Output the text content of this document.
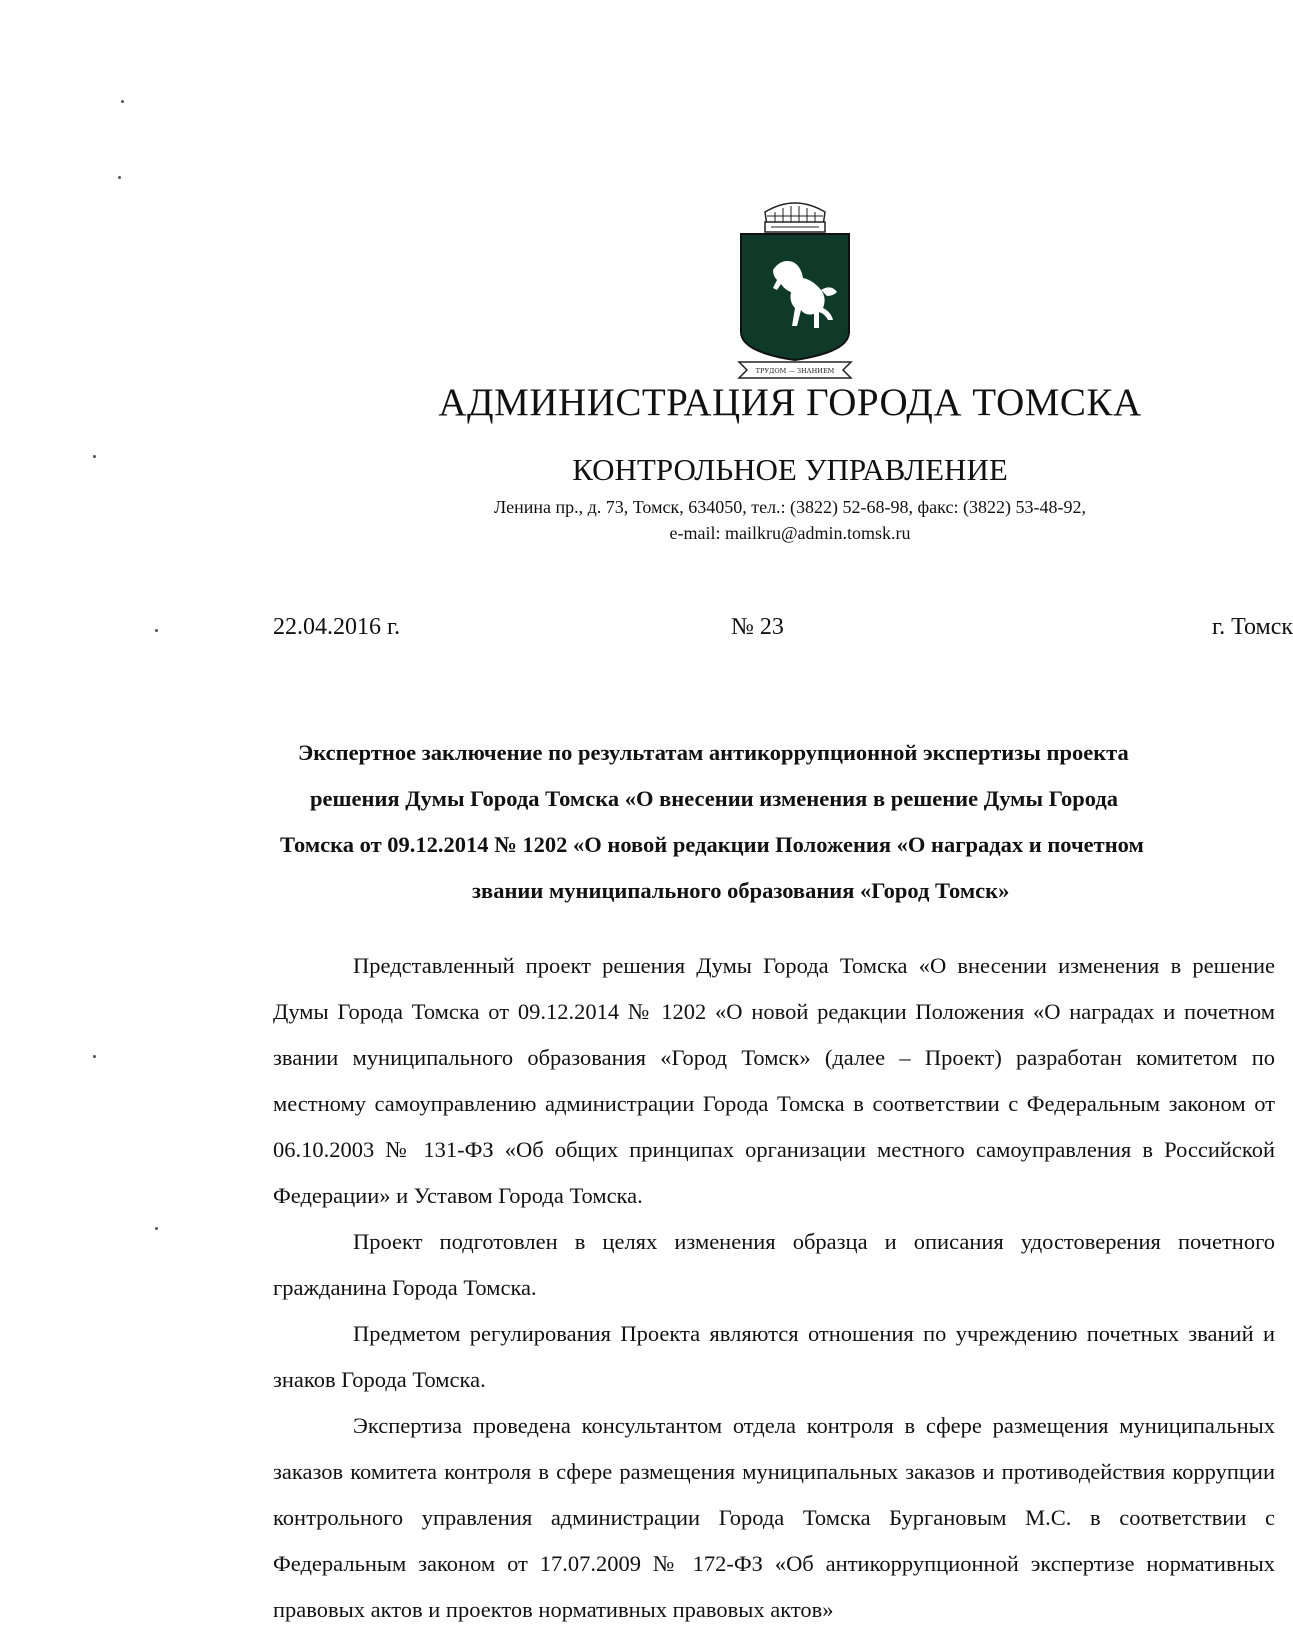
ТРУДОМ — ЗНАНИЕМ
АДМИНИСТРАЦИЯ ГОРОДА ТОМСКА
КОНТРОЛЬНОЕ УПРАВЛЕНИЕ
Ленина пр., д. 73, Томск, 634050, тел.: (3822) 52-68-98, факс: (3822) 53-48-92,
e-mail: mailkru@admin.tomsk.ru
22.04.2016 г.	№ 23	г. Томск
Экспертное заключение по результатам антикоррупционной экспертизы проекта
решения Думы Города Томска «О внесении изменения в решение Думы Города
Томска от 09.12.2014 № 1202 «О новой редакции Положения «О наградах и почетном
звании муниципального образования «Город Томск»

Представленный проект решения Думы Города Томска «О внесении изменения в решение Думы Города Томска от 09.12.2014 № 1202 «О новой редакции Положения «О наградах и почетном звании муниципального образования «Город Томск» (далее – Проект) разработан комитетом по местному самоуправлению администрации Города Томска в соответствии с Федеральным законом от 06.10.2003 № 131-ФЗ «Об общих принципах организации местного самоуправления в Российской Федерации» и Уставом Города Томска.

Проект подготовлен в целях изменения образца и описания удостоверения почетного гражданина Города Томска.

Предметом регулирования Проекта являются отношения по учреждению почетных званий и знаков Города Томска.

Экспертиза проведена консультантом отдела контроля в сфере размещения муниципальных заказов комитета контроля в сфере размещения муниципальных заказов и противодействия коррупции контрольного управления администрации Города Томска Бургановым М.С. в соответствии с Федеральным законом от 17.07.2009 № 172-ФЗ «Об антикоррупционной экспертизе нормативных правовых актов и проектов нормативных правовых актов»
